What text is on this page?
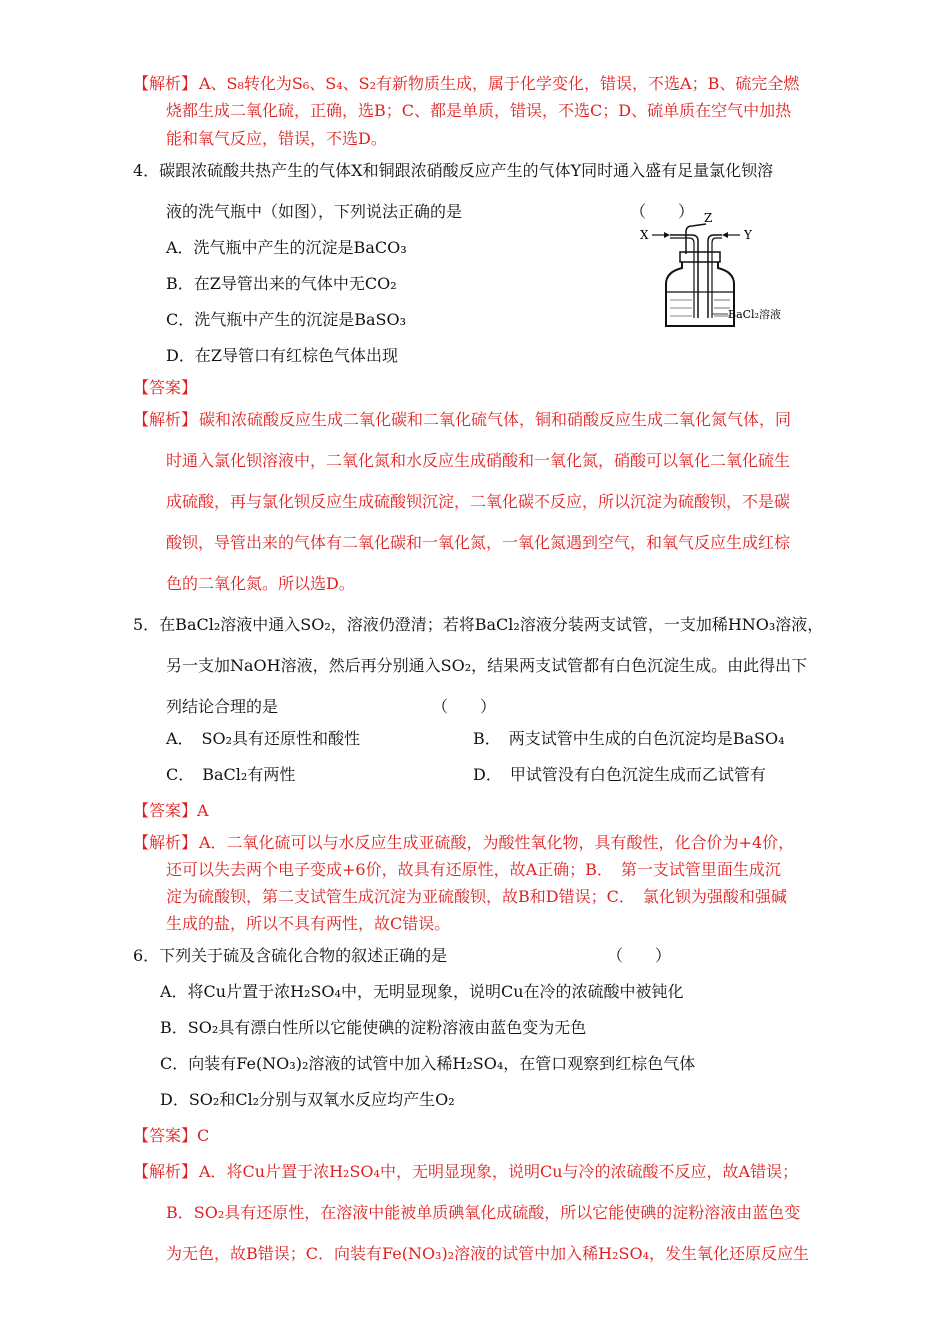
【解析】 A、S₈转化为S₆、S₄、S₂有新物质生成，属于化学变化，错误，不选A；B、硫完全燃
烧都生成二氧化硫，正确，选B；C、都是单质，错误，不选C；D、硫单质在空气中加热
能和氧气反应，错误，不选D。
4．碳跟浓硫酸共热产生的气体X和铜跟浓硝酸反应产生的气体Y同时通入盛有足量氯化钡溶
液的洗气瓶中（如图），下列说法正确的是	（　　）
A．洗气瓶中产生的沉淀是BaCO₃
B．在Z导管出来的气体中无CO₂
C．洗气瓶中产生的沉淀是BaSO₃
D．在Z导管口有红棕色气体出现
Z
X	Y
BaCl₂溶液
【答案】
【解析】 碳和浓硫酸反应生成二氧化碳和二氧化硫气体，铜和硝酸反应生成二氧化氮气体，同
时通入氯化钡溶液中，二氧化氮和水反应生成硝酸和一氧化氮，硝酸可以氧化二氧化硫生
成硫酸，再与氯化钡反应生成硫酸钡沉淀，二氧化碳不反应，所以沉淀为硫酸钡，不是碳
酸钡，导管出来的气体有二氧化碳和一氧化氮，一氧化氮遇到空气，和氧气反应生成红棕
色的二氧化氮。所以选D。
5．在BaCl₂溶液中通入SO₂，溶液仍澄清；若将BaCl₂溶液分装两支试管，一支加稀HNO₃溶液，
另一支加NaOH溶液，然后再分别通入SO₂，结果两支试管都有白色沉淀生成。由此得出下
列结论合理的是	（　　）
A．　SO₂具有还原性和酸性	B．　两支试管中生成的白色沉淀均是BaSO₄
C．　BaCl₂有两性	D．　甲试管没有白色沉淀生成而乙试管有
【答案】A
【解析】 A．二氧化硫可以与水反应生成亚硫酸，为酸性氧化物，具有酸性，化合价为+4价，
还可以失去两个电子变成+6价，故具有还原性，故A正确；B．　第一支试管里面生成沉
淀为硫酸钡，第二支试管生成沉淀为亚硫酸钡，故B和D错误；C．　氯化钡为强酸和强碱
生成的盐，所以不具有两性，故C错误。
6．下列关于硫及含硫化合物的叙述正确的是	（　　）
A．将Cu片置于浓H₂SO₄中，无明显现象，说明Cu在冷的浓硫酸中被钝化
B．SO₂具有漂白性所以它能使碘的淀粉溶液由蓝色变为无色
C．向装有Fe(NO₃)₂溶液的试管中加入稀H₂SO₄，在管口观察到红棕色气体
D．SO₂和Cl₂分别与双氧水反应均产生O₂
【答案】C
【解析】 A．将Cu片置于浓H₂SO₄中，无明显现象，说明Cu与冷的浓硫酸不反应，故A错误；
B．SO₂具有还原性，在溶液中能被单质碘氧化成硫酸，所以它能使碘的淀粉溶液由蓝色变
为无色，故B错误；C．向装有Fe(NO₃)₂溶液的试管中加入稀H₂SO₄，发生氧化还原反应生
